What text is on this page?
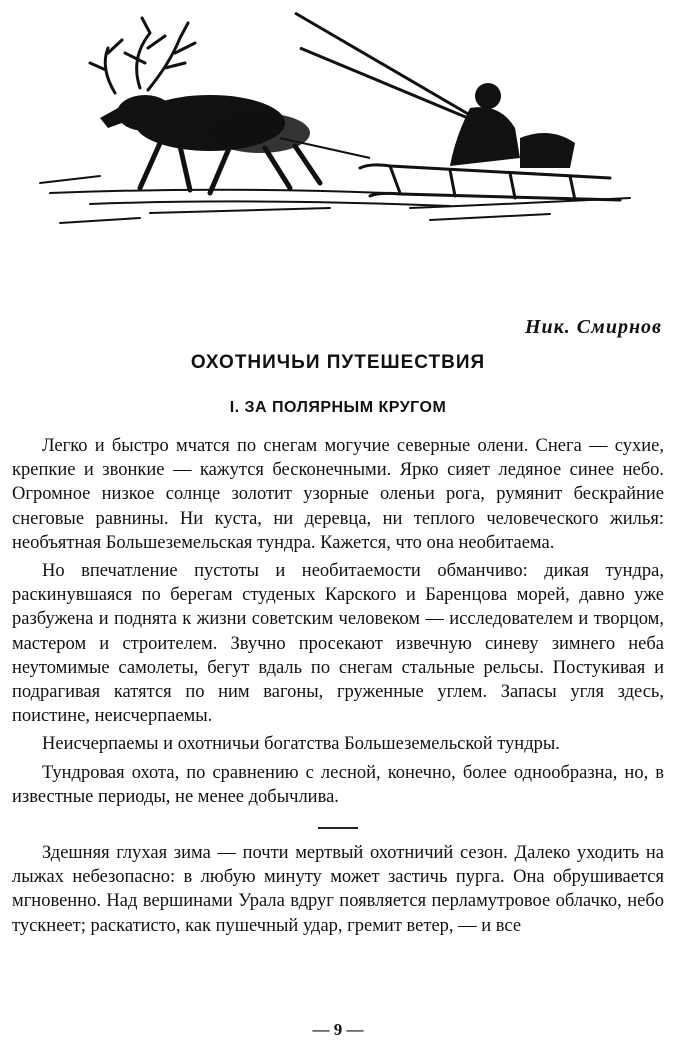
Ник. Смирнов
ОХОТНИЧЬИ ПУТЕШЕСТВИЯ
I. ЗА ПОЛЯРНЫМ КРУГОМ

Легко и быстро мчатся по снегам могучие северные олени. Снега — сухие, крепкие и звонкие — кажутся бесконечными. Ярко сияет ледяное синее небо. Огромное низкое солнце золотит узорные оленьи рога, румянит бескрайние снеговые равнины. Ни куста, ни деревца, ни теплого человеческого жилья: необъятная Большеземельская тундра. Кажется, что она необитаема.

Но впечатление пустоты и необитаемости обманчиво: дикая тундра, раскинувшаяся по берегам студеных Карского и Баренцова морей, давно уже разбужена и поднята к жизни советским человеком — исследователем и творцом, мастером и строителем. Звучно просекают извечную синеву зимнего неба неутомимые самолеты, бегут вдаль по снегам стальные рельсы. Постукивая и подрагивая катятся по ним вагоны, груженные углем. Запасы угля здесь, поистине, неисчерпаемы.

Неисчерпаемы и охотничьи богатства Большеземельской тундры.

Тундровая охота, по сравнению с лесной, конечно, более однообразна, но, в известные периоды, не менее добычлива.

Здешняя глухая зима — почти мертвый охотничий сезон. Далеко уходить на лыжах небезопасно: в любую минуту может застичь пурга. Она обрушивается мгновенно. Над вершинами Урала вдруг появляется перламутровое облачко, небо тускнеет; раскатисто, как пушечный удар, гремит ветер, — и все

— 9 —
